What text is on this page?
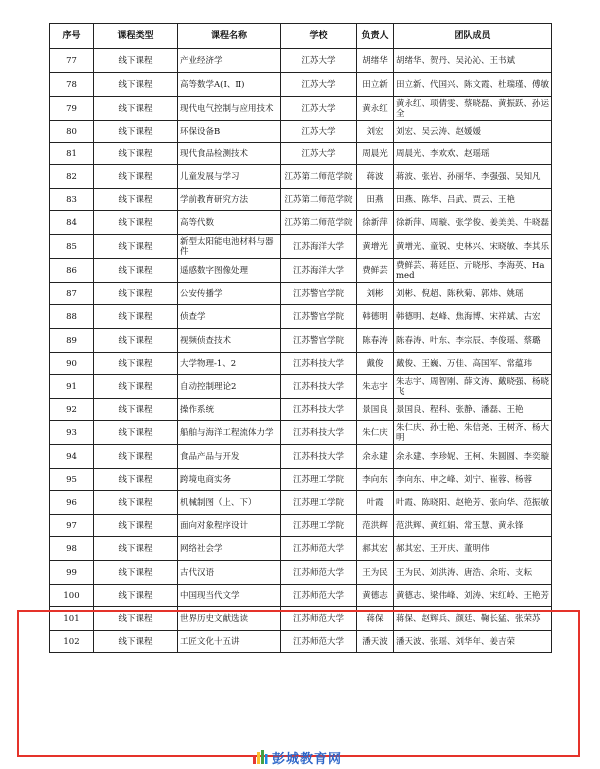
序号	课程类型	课程名称	学校	负责人	团队成员
77	线下课程	产业经济学	江苏大学	胡绪华	胡绪华、贺丹、吴沁沁、王书斌
78	线下课程	高等数学A(Ⅰ、Ⅱ)	江苏大学	田立新	田立新、代国兴、陈文霞、杜瑞瑾、傅敏
79	线下课程	现代电气控制与应用技术	江苏大学	黄永红	黄永红、项倩雯、蔡晓磊、黄振跃、孙运全
80	线下课程	环保设备B	江苏大学	刘宏	刘宏、吴云涛、赵媛媛
81	线下课程	现代食品检测技术	江苏大学	周晨光	周晨光、李欢欢、赵瑶瑶
82	线下课程	儿童发展与学习	江苏第二师范学院	蒋波	蒋波、张岩、孙丽华、李强强、吴知凡
83	线下课程	学前教育研究方法	江苏第二师范学院	田燕	田燕、陈华、吕武、贾云、王艳
84	线下课程	高等代数	江苏第二师范学院	徐新萍	徐新萍、周璇、张学俊、姜美美、牛晓磊
85	线下课程	新型太阳能电池材料与器件	江苏海洋大学	黄增光	黄增光、童锐、史林兴、宋晓敏、李其乐
86	线下课程	遥感数字图像处理	江苏海洋大学	费鲜芸	费鲜芸、蒋廷臣、亓晓彤、李海英、Hamed
87	线下课程	公安传播学	江苏警官学院	刘彬	刘彬、倪超、陈秋菊、郭炜、姚瑶
88	线下课程	侦查学	江苏警官学院	韩德明	韩德明、赵峰、焦海博、宋祥斌、古宏
89	线下课程	视频侦查技术	江苏警官学院	陈春涛	陈春涛、叶东、李宗辰、李俊瑶、蔡璐
90	线下课程	大学物理-1、2	江苏科技大学	戴俊	戴俊、王巍、万佳、高国军、常蕴玮
91	线下课程	自动控制理论2	江苏科技大学	朱志宇	朱志宇、周智刚、薛文涛、戴晓强、杨晓飞
92	线下课程	操作系统	江苏科技大学	景国良	景国良、程科、张静、潘磊、王艳
93	线下课程	船舶与海洋工程流体力学	江苏科技大学	朱仁庆	朱仁庆、孙士艳、朱信尧、王树齐、杨大明
94	线下课程	食品产品与开发	江苏科技大学	余永建	余永建、李珍妮、王柯、朱圆圆、李奕璇
95	线下课程	跨境电商实务	江苏理工学院	李向东	李向东、申之峰、刘宁、崔蓉、杨蓉
96	线下课程	机械制图（上、下）	江苏理工学院	叶霞	叶霞、陈晓阳、赵艳芳、张向华、范振敏
97	线下课程	面向对象程序设计	江苏理工学院	范洪辉	范洪辉、黄红娟、常玉慧、黄永锋
98	线下课程	网络社会学	江苏师范大学	郝其宏	郝其宏、王开庆、董明伟
99	线下课程	古代汉语	江苏师范大学	王为民	王为民、刘洪涛、唐浩、余珩、支耘
100	线下课程	中国现当代文学	江苏师范大学	黄德志	黄德志、梁伟峰、刘涛、宋红岭、王艳芳
101	线下课程	世界历史文献选读	江苏师范大学	蒋保	蒋保、赵辉兵、颜廷、鞠长猛、张荣苏
102	线下课程	工匠文化十五讲	江苏师范大学	潘天波	潘天波、张瑶、刘华年、姜吉荣
彭城教育网
